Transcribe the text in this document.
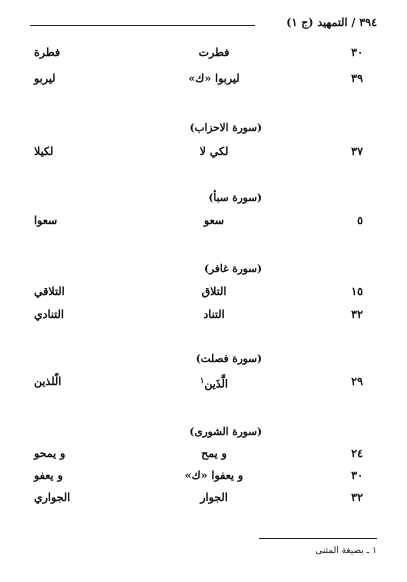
٣٩٤ / التمهيد (ج ١)
٣٠
فطرت
فطرة
٣٩
ليربوا «ك»
ليربو
(سورة الاحزاب)
٣٧
لكي لا
لكيلا
(سورة سبأ)
٥
سعو
سعوا
(سورة غافر)
١٥
التلاق
التلاقي
٣٢
التناد
التنادي
(سورة فصلت)
٢٩
الَّذَين$^١$
الّلذين
(سورة الشورى)
٢٤
و يمح
و يمحو
٣٠
و يعفوا «ك»
و يعفو
٣٢
الجوار
الجواري
١ ـ بصيغة المثنى
